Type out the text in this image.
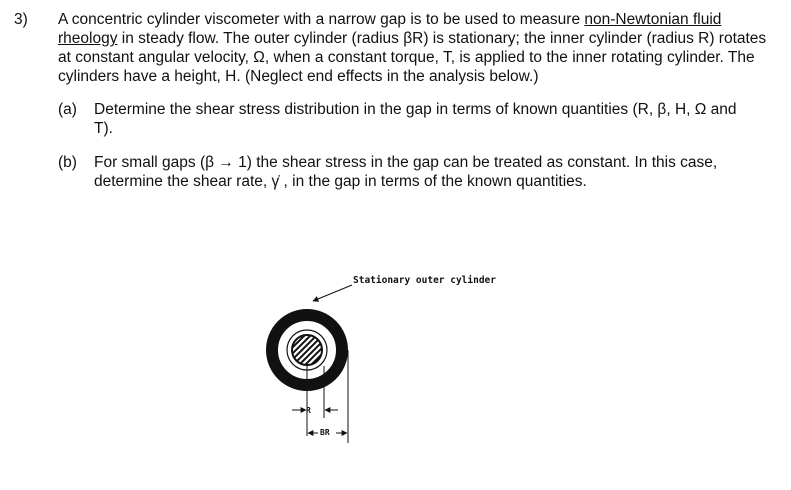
3)	A concentric cylinder viscometer with a narrow gap is to be used to measure non-Newtonian fluid rheology in steady flow. The outer cylinder (radius βR) is stationary; the inner cylinder (radius R) rotates at constant angular velocity, Ω, when a constant torque, T, is applied to the inner rotating cylinder. The cylinders have a height, H. (Neglect end effects in the analysis below.)
(a)	Determine the shear stress distribution in the gap in terms of known quantities (R, β, H, Ω and T).
(b)	For small gaps (β → 1) the shear stress in the gap can be treated as constant. In this case, determine the shear rate, γ̇ , in the gap in terms of the known quantities.
Stationary outer cylinder
Ω
R
BR
